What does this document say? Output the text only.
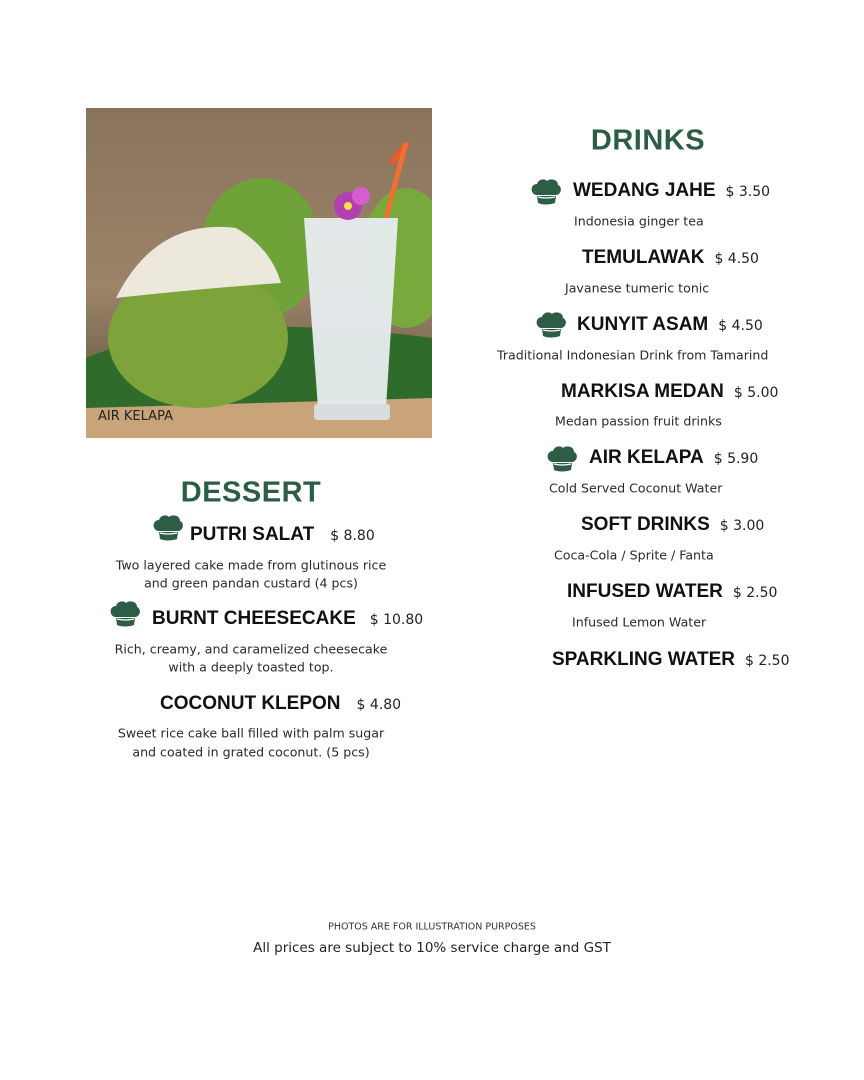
AIR KELAPA
DRINKS
WEDANG JAHE $ 3.50
Indonesia ginger tea
TEMULAWAK $ 4.50
Javanese tumeric tonic
KUNYIT ASAM $ 4.50
Traditional Indonesian Drink from Tamarind
MARKISA MEDAN $ 5.00
Medan passion fruit drinks
AIR KELAPA $ 5.90
Cold Served Coconut Water
SOFT DRINKS $ 3.00
Coca-Cola / Sprite / Fanta
INFUSED WATER $ 2.50
Infused Lemon Water
SPARKLING WATER $ 2.50
DESSERT
PUTRI SALAT $ 8.80
Two layered cake made from glutinous rice
and green pandan custard (4 pcs)
BURNT CHEESECAKE $ 10.80
Rich, creamy, and caramelized cheesecake
with a deeply toasted top.
COCONUT KLEPON $ 4.80
Sweet rice cake ball filled with palm sugar
and coated in grated coconut. (5 pcs)
PHOTOS ARE FOR ILLUSTRATION PURPOSES
All prices are subject to 10% service charge and GST
